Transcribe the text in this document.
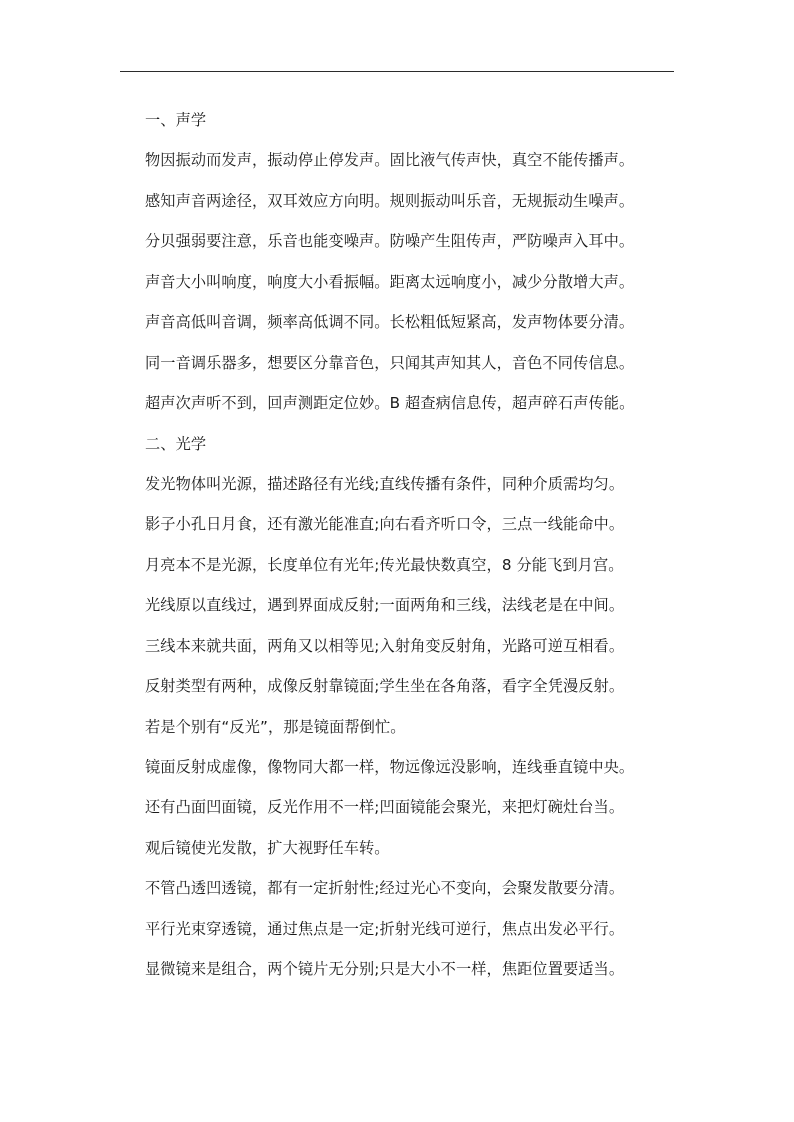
一、声学
物因振动而发声，振动停止停发声。固比液气传声快，真空不能传播声。
感知声音两途径，双耳效应方向明。规则振动叫乐音，无规振动生噪声。
分贝强弱要注意，乐音也能变噪声。防噪产生阻传声，严防噪声入耳中。
声音大小叫响度，响度大小看振幅。距离太远响度小，减少分散增大声。
声音高低叫音调，频率高低调不同。长松粗低短紧高，发声物体要分清。
同一音调乐器多，想要区分靠音色，只闻其声知其人，音色不同传信息。
超声次声听不到，回声测距定位妙。B 超查病信息传，超声碎石声传能。
二、光学
发光物体叫光源，描述路径有光线;直线传播有条件，同种介质需均匀。
影子小孔日月食，还有激光能准直;向右看齐听口令，三点一线能命中。
月亮本不是光源，长度单位有光年;传光最快数真空，8 分能飞到月宫。
光线原以直线过，遇到界面成反射;一面两角和三线，法线老是在中间。
三线本来就共面，两角又以相等见;入射角变反射角，光路可逆互相看。
反射类型有两种，成像反射靠镜面;学生坐在各角落，看字全凭漫反射。
若是个别有“反光”，那是镜面帮倒忙。
镜面反射成虚像，像物同大都一样，物远像远没影响，连线垂直镜中央。
还有凸面凹面镜，反光作用不一样;凹面镜能会聚光，来把灯碗灶台当。
观后镜使光发散，扩大视野任车转。
不管凸透凹透镜，都有一定折射性;经过光心不变向，会聚发散要分清。
平行光束穿透镜，通过焦点是一定;折射光线可逆行，焦点出发必平行。
显微镜来是组合，两个镜片无分别;只是大小不一样，焦距位置要适当。
